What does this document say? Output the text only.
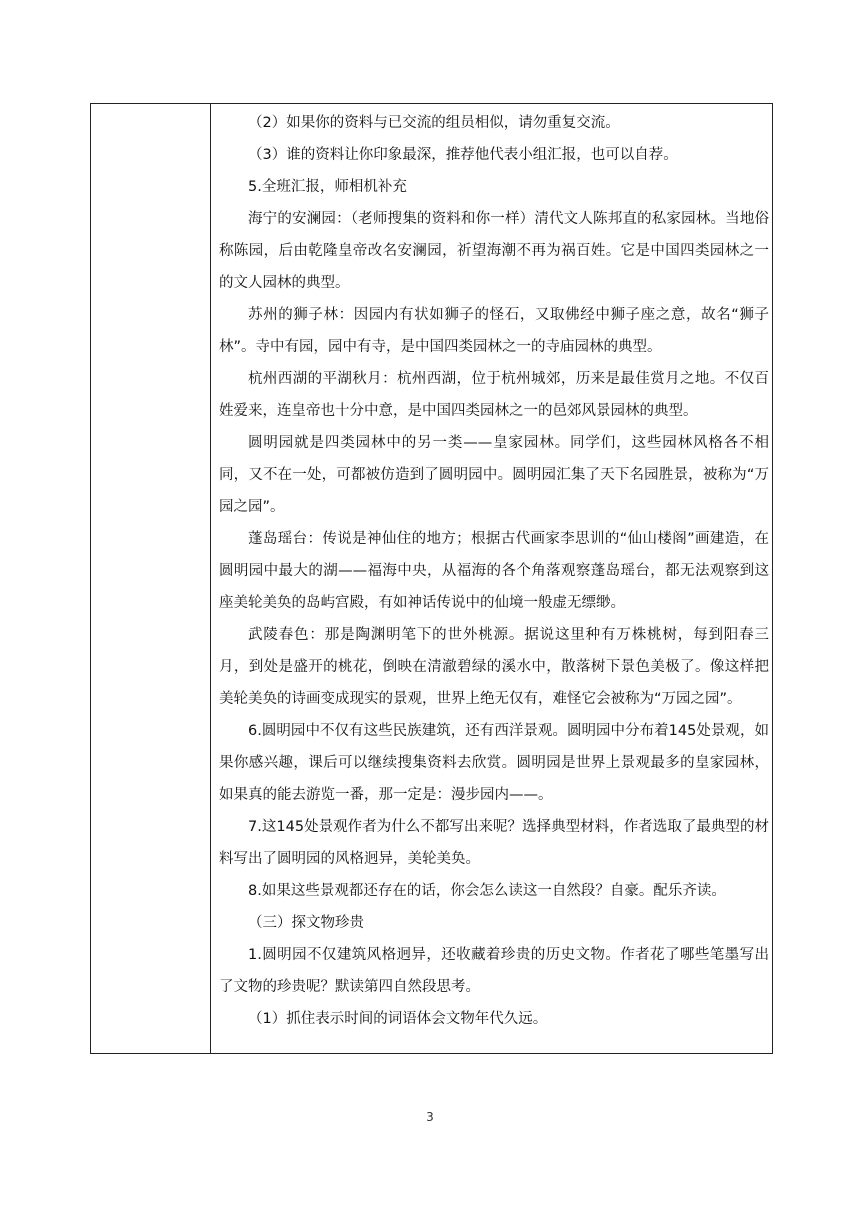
（2）如果你的资料与已交流的组员相似，请勿重复交流。

（3）谁的资料让你印象最深，推荐他代表小组汇报，也可以自荐。

5.全班汇报，师相机补充

海宁的安澜园：（老师搜集的资料和你一样）清代文人陈邦直的私家园林。当地俗称陈园，后由乾隆皇帝改名安澜园，祈望海潮不再为祸百姓。它是中国四类园林之一的文人园林的典型。

苏州的狮子林：因园内有状如狮子的怪石，又取佛经中狮子座之意，故名“狮子林”。寺中有园，园中有寺，是中国四类园林之一的寺庙园林的典型。

杭州西湖的平湖秋月：杭州西湖，位于杭州城郊，历来是最佳赏月之地。不仅百姓爱来，连皇帝也十分中意，是中国四类园林之一的邑郊风景园林的典型。

圆明园就是四类园林中的另一类——皇家园林。同学们，这些园林风格各不相同，又不在一处，可都被仿造到了圆明园中。圆明园汇集了天下名园胜景，被称为“万园之园”。

蓬岛瑶台：传说是神仙住的地方；根据古代画家李思训的“仙山楼阁”画建造，在圆明园中最大的湖——福海中央，从福海的各个角落观察蓬岛瑶台，都无法观察到这座美轮美奂的岛屿宫殿，有如神话传说中的仙境一般虚无缥缈。

武陵春色：那是陶渊明笔下的世外桃源。据说这里种有万株桃树，每到阳春三月，到处是盛开的桃花，倒映在清澈碧绿的溪水中，散落树下景色美极了。像这样把美轮美奂的诗画变成现实的景观，世界上绝无仅有，难怪它会被称为“万园之园”。

6.圆明园中不仅有这些民族建筑，还有西洋景观。圆明园中分布着145处景观，如果你感兴趣，课后可以继续搜集资料去欣赏。圆明园是世界上景观最多的皇家园林，如果真的能去游览一番，那一定是：漫步园内——。

7.这145处景观作者为什么不都写出来呢？选择典型材料，作者选取了最典型的材料写出了圆明园的风格迥异，美轮美奂。

8.如果这些景观都还存在的话，你会怎么读这一自然段？自豪。配乐齐读。

（三）探文物珍贵

1.圆明园不仅建筑风格迥异，还收藏着珍贵的历史文物。作者花了哪些笔墨写出了文物的珍贵呢？默读第四自然段思考。

（1）抓住表示时间的词语体会文物年代久远。

3
